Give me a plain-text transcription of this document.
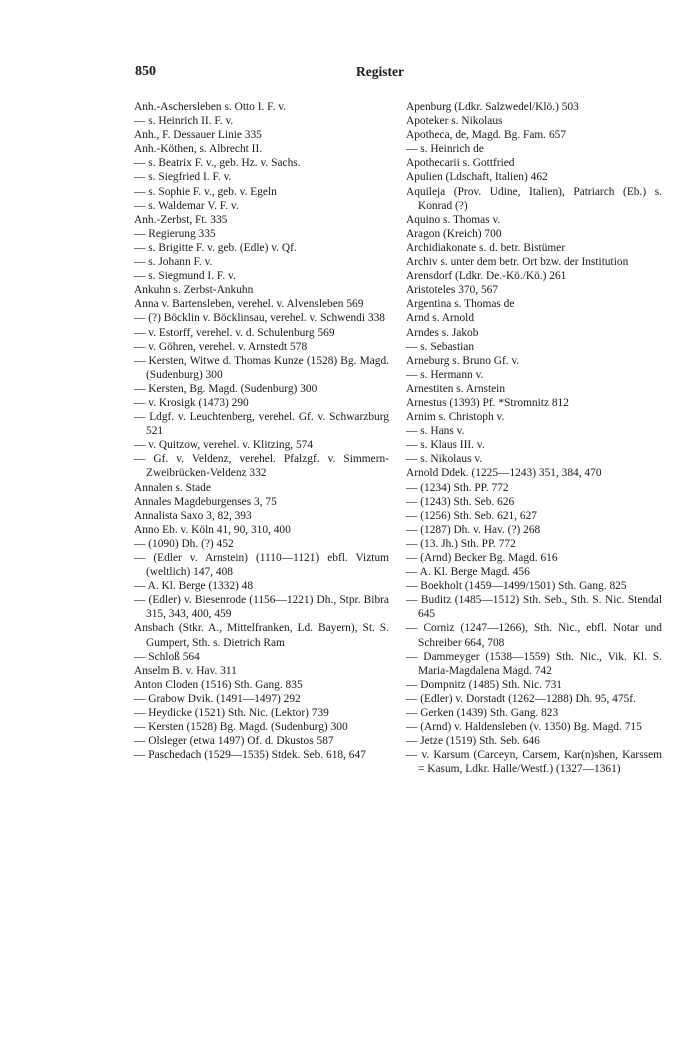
850	Register
Anh.-Aschersleben s. Otto I. F. v.
— s. Heinrich II. F. v.
Anh., F. Dessauer Linie 335
Anh.-Köthen, s. Albrecht II.
— s. Beatrix F. v., geb. Hz. v. Sachs.
— s. Siegfried I. F. v.
— s. Sophie F. v., geb. v. Egeln
— s. Waldemar V. F. v.
Anh.-Zerbst, Ft. 335
— Regierung 335
— s. Brigitte F. v. geb. (Edle) v. Qf.
— s. Johann F. v.
— s. Siegmund I. F. v.
Ankuhn s. Zerbst-Ankuhn
Anna v. Bartensleben, verehel. v. Alvensleben 569
— (?) Böcklin v. Böcklinsau, verehel. v. Schwendi 338
— v. Estorff, verehel. v. d. Schulenburg 569
— v. Göhren, verehel. v. Arnstedt 578
— Kersten, Witwe d. Thomas Kunze (1528) Bg. Magd. (Sudenburg) 300
— Kersten, Bg. Magd. (Sudenburg) 300
— v. Krosigk (1473) 290
— Ldgf. v. Leuchtenberg, verehel. Gf. v. Schwarzburg 521
— v. Quitzow, verehel. v. Klitzing, 574
— Gf. v. Veldenz, verehel. Pfalzgf. v. Simmern-Zweibrücken-Veldenz 332
Annalen s. Stade
Annales Magdeburgenses 3, 75
Annalista Saxo 3, 82, 393
Anno Eb. v. Köln 41, 90, 310, 400
— (1090) Dh. (?) 452
— (Edler v. Arnstein) (1110—1121) ebfl. Viztum (weltlich) 147, 408
— A. Kl. Berge (1332) 48
— (Edler) v. Biesenrode (1156—1221) Dh., Stpr. Bibra 315, 343, 400, 459
Ansbach (Stkr. A., Mittelfranken, Ld. Bayern), St. S. Gumpert, Sth. s. Dietrich Ram
— Schloß 564
Anselm B. v. Hav. 311
Anton Cloden (1516) Sth. Gang. 835
— Grabow Dvik. (1491—1497) 292
— Heydicke (1521) Sth. Nic. (Lektor) 739
— Kersten (1528) Bg. Magd. (Sudenburg) 300
— Olsleger (etwa 1497) Of. d. Dkustos 587
— Paschedach (1529—1535) Stdek. Seb. 618, 647
Apenburg (Ldkr. Salzwedel/Klö.) 503
Apoteker s. Nikolaus
Apotheca, de, Magd. Bg. Fam. 657
— s. Heinrich de
Apothecarii s. Gottfried
Apulien (Ldschaft, Italien) 462
Aquileja (Prov. Udine, Italien), Patriarch (Eb.) s. Konrad (?)
Aquino s. Thomas v.
Aragon (Kreich) 700
Archidiakonate s. d. betr. Bistümer
Archiv s. unter dem betr. Ort bzw. der Institution
Arensdorf (Ldkr. De.-Kö./Kö.) 261
Aristoteles 370, 567
Argentina s. Thomas de
Arnd s. Arnold
Arndes s. Jakob
— s. Sebastian
Arneburg s. Bruno Gf. v.
— s. Hermann v.
Arnestiten s. Arnstein
Arnestus (1393) Pf. *Stromnitz 812
Arnim s. Christoph v.
— s. Hans v.
— s. Klaus III. v.
— s. Nikolaus v.
Arnold Ddek. (1225—1243) 351, 384, 470
— (1234) Sth. PP. 772
— (1243) Sth. Seb. 626
— (1256) Sth. Seb. 621, 627
— (1287) Dh. v. Hav. (?) 268
— (13. Jh.) Sth. PP. 772
— (Arnd) Becker Bg. Magd. 616
— A. Kl. Berge Magd. 456
— Boekholt (1459—1499/1501) Sth. Gang. 825
— Buditz (1485—1512) Sth. Seb., Sth. S. Nic. Stendal 645
— Corniz (1247—1266), Sth. Nic., ebfl. Notar und Schreiber 664, 708
— Dammeyger (1538—1559) Sth. Nic., Vik. Kl. S. Maria-Magdalena Magd. 742
— Dompnitz (1485) Sth. Nic. 731
— (Edler) v. Dorstadt (1262—1288) Dh. 95, 475f.
— Gerken (1439) Sth. Gang. 823
— (Arnd) v. Haldensleben (v. 1350) Bg. Magd. 715
— Jetze (1519) Sth. Seb. 646
— v. Karsum (Carceyn, Carsem, Kar(n)shen, Karssem = Kasum, Ldkr. Halle/Westf.) (1327—1361)
